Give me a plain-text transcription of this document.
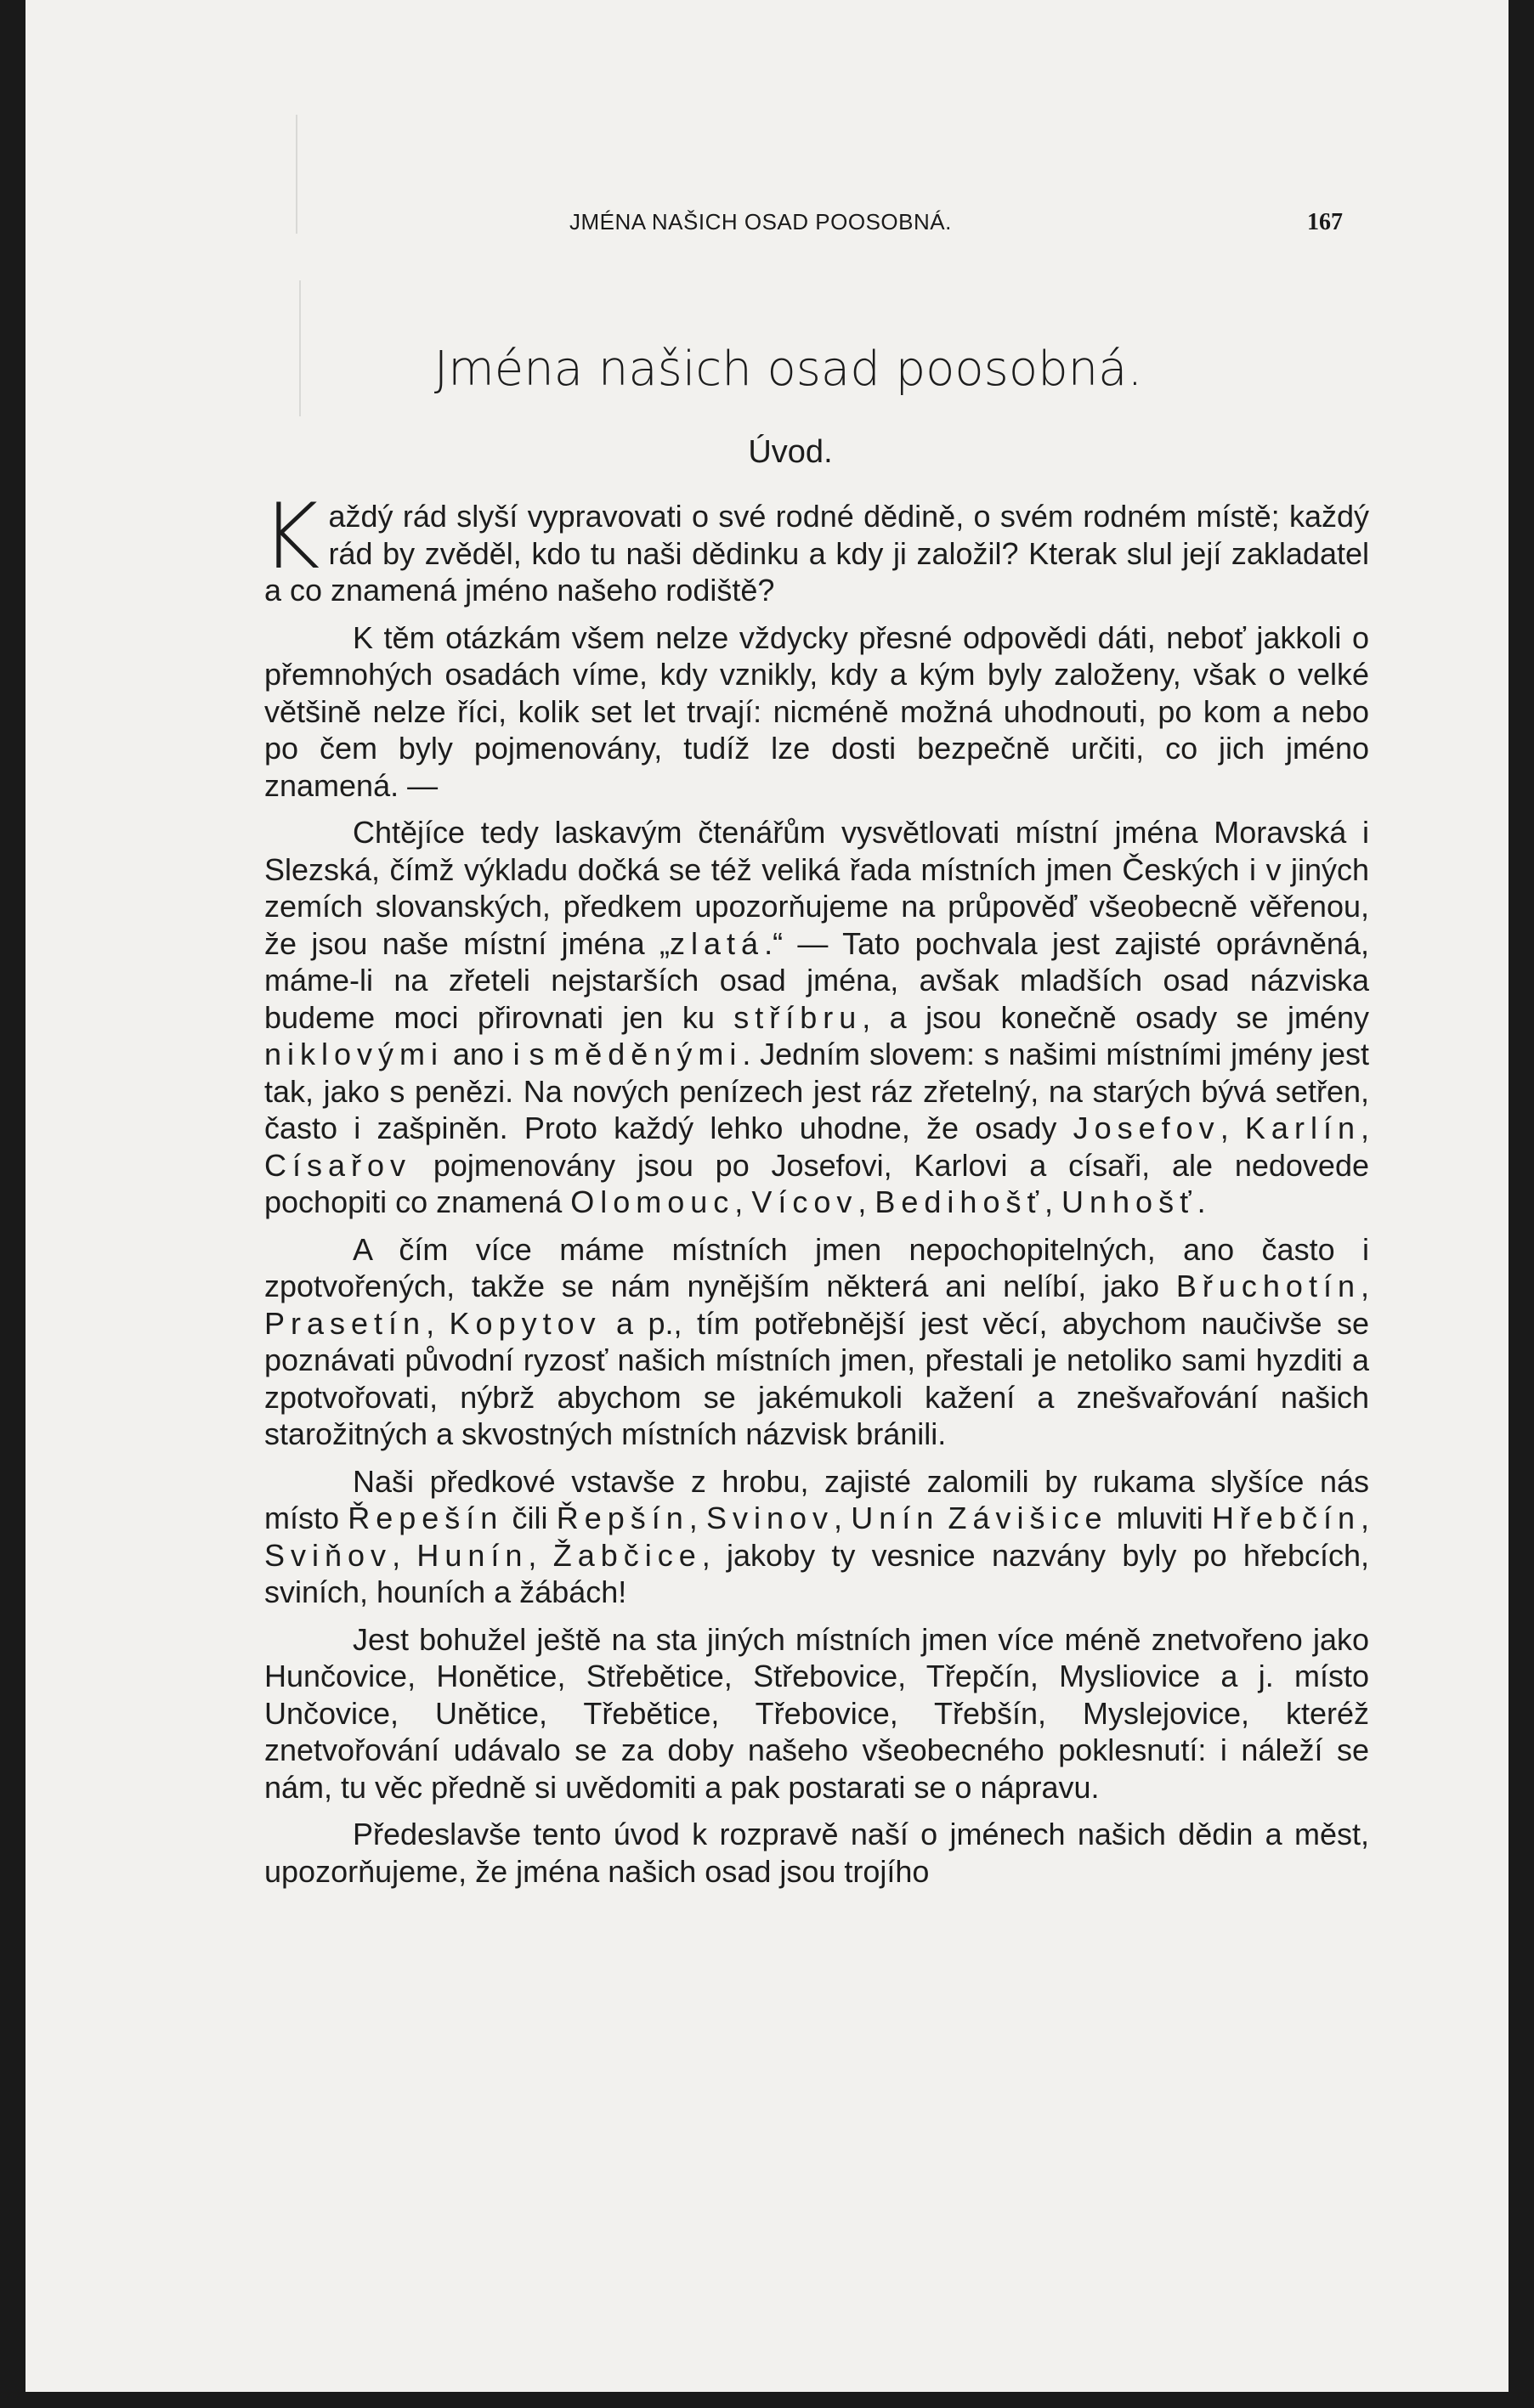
JMÉNA NAŠICH OSAD POOSOBNÁ.	167
Jména našich osad poosobná.
Úvod.

Každý rád slyší vypravovati o své rodné dědině, o svém rodném místě; každý rád by zvěděl, kdo tu naši dědinku a kdy ji založil? Kterak slul její zakladatel a co znamená jméno našeho rodiště?

K těm otázkám všem nelze vždycky přesné odpovědi dáti, neboť jakkoli o přemnohých osadách víme, kdy vznikly, kdy a kým byly založeny, však o velké většině nelze říci, kolik set let trvají: nicméně možná uhodnouti, po kom a nebo po čem byly pojmenovány, tudíž lze dosti bezpečně určiti, co jich jméno znamená. —

Chtějíce tedy laskavým čtenářům vysvětlovati místní jména Moravská i Slezská, čímž výkladu dočká se též veliká řada místních jmen Českých i v jiných zemích slovanských, předkem upozorňujeme na průpověď všeobecně věřenou, že jsou naše místní jména „zlatá.“ — Tato pochvala jest zajisté oprávněná, máme-li na zřeteli nejstarších osad jména, avšak mladších osad názviska budeme moci přirovnati jen ku stříbru, a jsou konečně osady se jmény niklovými ano i s měděnými. Jedním slovem: s našimi místními jmény jest tak, jako s penězi. Na nových penízech jest ráz zřetelný, na starých bývá setřen, často i zašpiněn. Proto každý lehko uhodne, že osady Josefov, Karlín, Císařov pojmenovány jsou po Josefovi, Karlovi a císaři, ale nedovede pochopiti co znamená Olomouc, Vícov, Bedihošť, Unhošť.

A čím více máme místních jmen nepochopitelných, ano často i zpotvořených, takže se nám nynějším některá ani nelíbí, jako Břuchotín, Prasetín, Kopytov a p., tím potřebnější jest věcí, abychom naučivše se poznávati původní ryzosť našich místních jmen, přestali je netoliko sami hyzditi a zpotvořovati, nýbrž abychom se jakémukoli kažení a znešvařování našich starožitných a skvostných místních názvisk bránili.

Naši předkové vstavše z hrobu, zajisté zalomili by rukama slyšíce nás místo Řepešín čili Řepšín, Svinov, Unín Závišice mluviti Hřebčín, Sviňov, Hunín, Žabčice, jakoby ty vesnice nazvány byly po hřebcích, sviních, houních a žábách!

Jest bohužel ještě na sta jiných místních jmen více méně znetvořeno jako Hunčovice, Honětice, Střebětice, Střebovice, Třepčín, Mysliovice a j. místo Unčovice, Unětice, Třebětice, Třebovice, Třebšín, Myslejovice, kteréž znetvořování udávalo se za doby našeho všeobecného poklesnutí: i náleží se nám, tu věc předně si uvědomiti a pak postarati se o nápravu.

Předeslavše tento úvod k rozpravě naší o jménech našich dědin a měst, upozorňujeme, že jména našich osad jsou trojího
